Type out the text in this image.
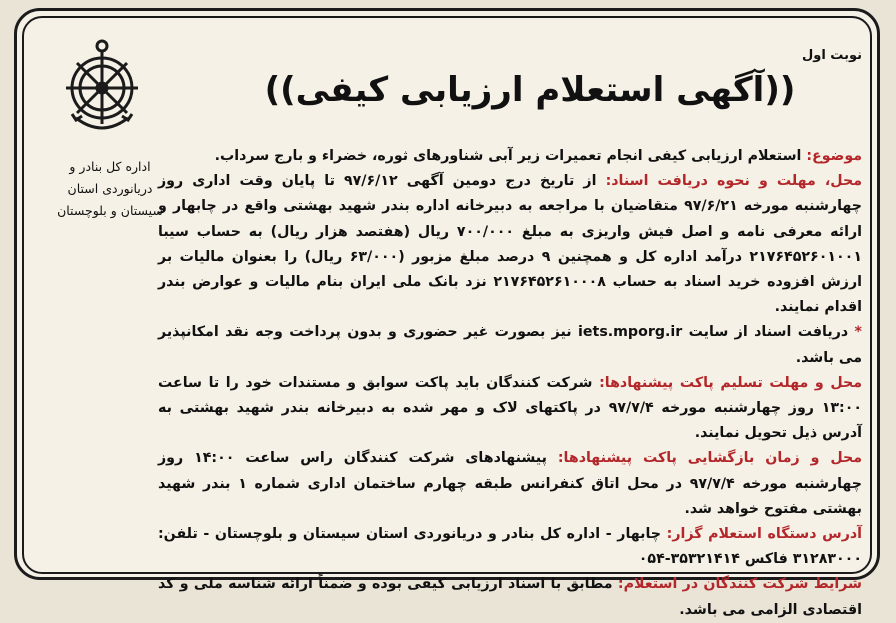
نوبت اول
((آگهی استعلام ارزیابی کیفی))
اداره کل بنادر و
دریانوردی استان
سیستان و بلوچستان

موضوع: استعلام ارزیابی کیفی انجام تعمیرات زیر آبی شناورهای ثوره، خضراء و بارج سرداب.

محل، مهلت و نحوه دریافت اسناد: از تاریخ درج دومین آگهی ۹۷/۶/۱۲ تا پایان وقت اداری روز چهارشنبه مورخه ۹۷/۶/۲۱ متقاضیان با مراجعه به دبیرخانه اداره بندر شهید بهشتی واقع در چابهار و ارائه معرفی نامه و اصل فیش واریزی به مبلغ ۷۰۰/۰۰۰ ریال (هفتصد هزار ریال) به حساب سیبا ۲۱۷۶۴۵۲۶۰۱۰۰۱ درآمد اداره کل و همچنین ۹ درصد مبلغ مزبور (۶۳/۰۰۰ ریال) را بعنوان مالیات بر ارزش افزوده خرید اسناد به حساب ۲۱۷۶۴۵۲۶۱۰۰۰۸ نزد بانک ملی ایران بنام مالیات و عوارض بندر اقدام نمایند.

* دریافت اسناد از سایت iets.mporg.ir نیز بصورت غیر حضوری و بدون پرداخت وجه نقد امکانپذیر می باشد.

محل و مهلت تسلیم پاکت پیشنهادها: شرکت کنندگان باید پاکت سوابق و مستندات خود را تا ساعت ۱۳:۰۰ روز چهارشنبه مورخه ۹۷/۷/۴ در پاکتهای لاک و مهر شده به دبیرخانه بندر شهید بهشتی به آدرس ذیل تحویل نمایند.

محل و زمان بازگشایی پاکت پیشنهادها: پیشنهادهای شرکت کنندگان راس ساعت ۱۴:۰۰ روز چهارشنبه مورخه ۹۷/۷/۴ در محل اتاق کنفرانس طبقه چهارم ساختمان اداری شماره ۱ بندر شهید بهشتی مفتوح خواهد شد.

آدرس دستگاه استعلام گزار: چابهار - اداره کل بنادر و دریانوردی استان سیستان و بلوچستان - تلفن: ۳۱۲۸۳۰۰۰ فاکس ۳۵۳۲۱۴۱۴-۰۵۴

شرایط شرکت کنندگان در استعلام: مطابق با اسناد ارزیابی کیفی بوده و ضمناً ارائه شناسه ملی و کد اقتصادی الزامی می باشد.
